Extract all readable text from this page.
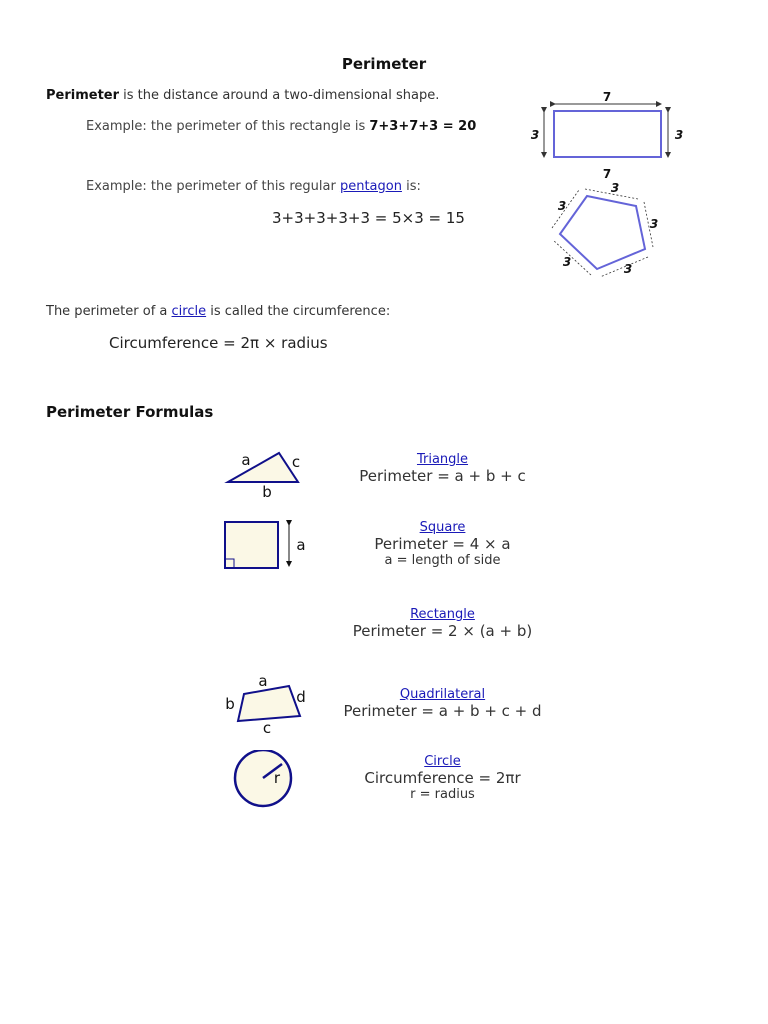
Perimeter
Perimeter is the distance around a two-dimensional shape.
Example: the perimeter of this rectangle is 7+3+7+3 = 20
7
7
3	3
Example: the perimeter of this regular pentagon is:
3+3+3+3+3 = 5×3 = 15
3
3
3
3
3
The perimeter of a circle is called the circumference:
Circumference = 2π × radius
Perimeter Formulas
a	c
b
Triangle
Perimeter = a + b + c
a
Square
Perimeter = 4 × a
a = length of side
Rectangle
Perimeter = 2 × (a + b)
a
b	d
c
Quadrilateral
Perimeter = a + b + c + d
r
Circle
Circumference = 2πr
r = radius
